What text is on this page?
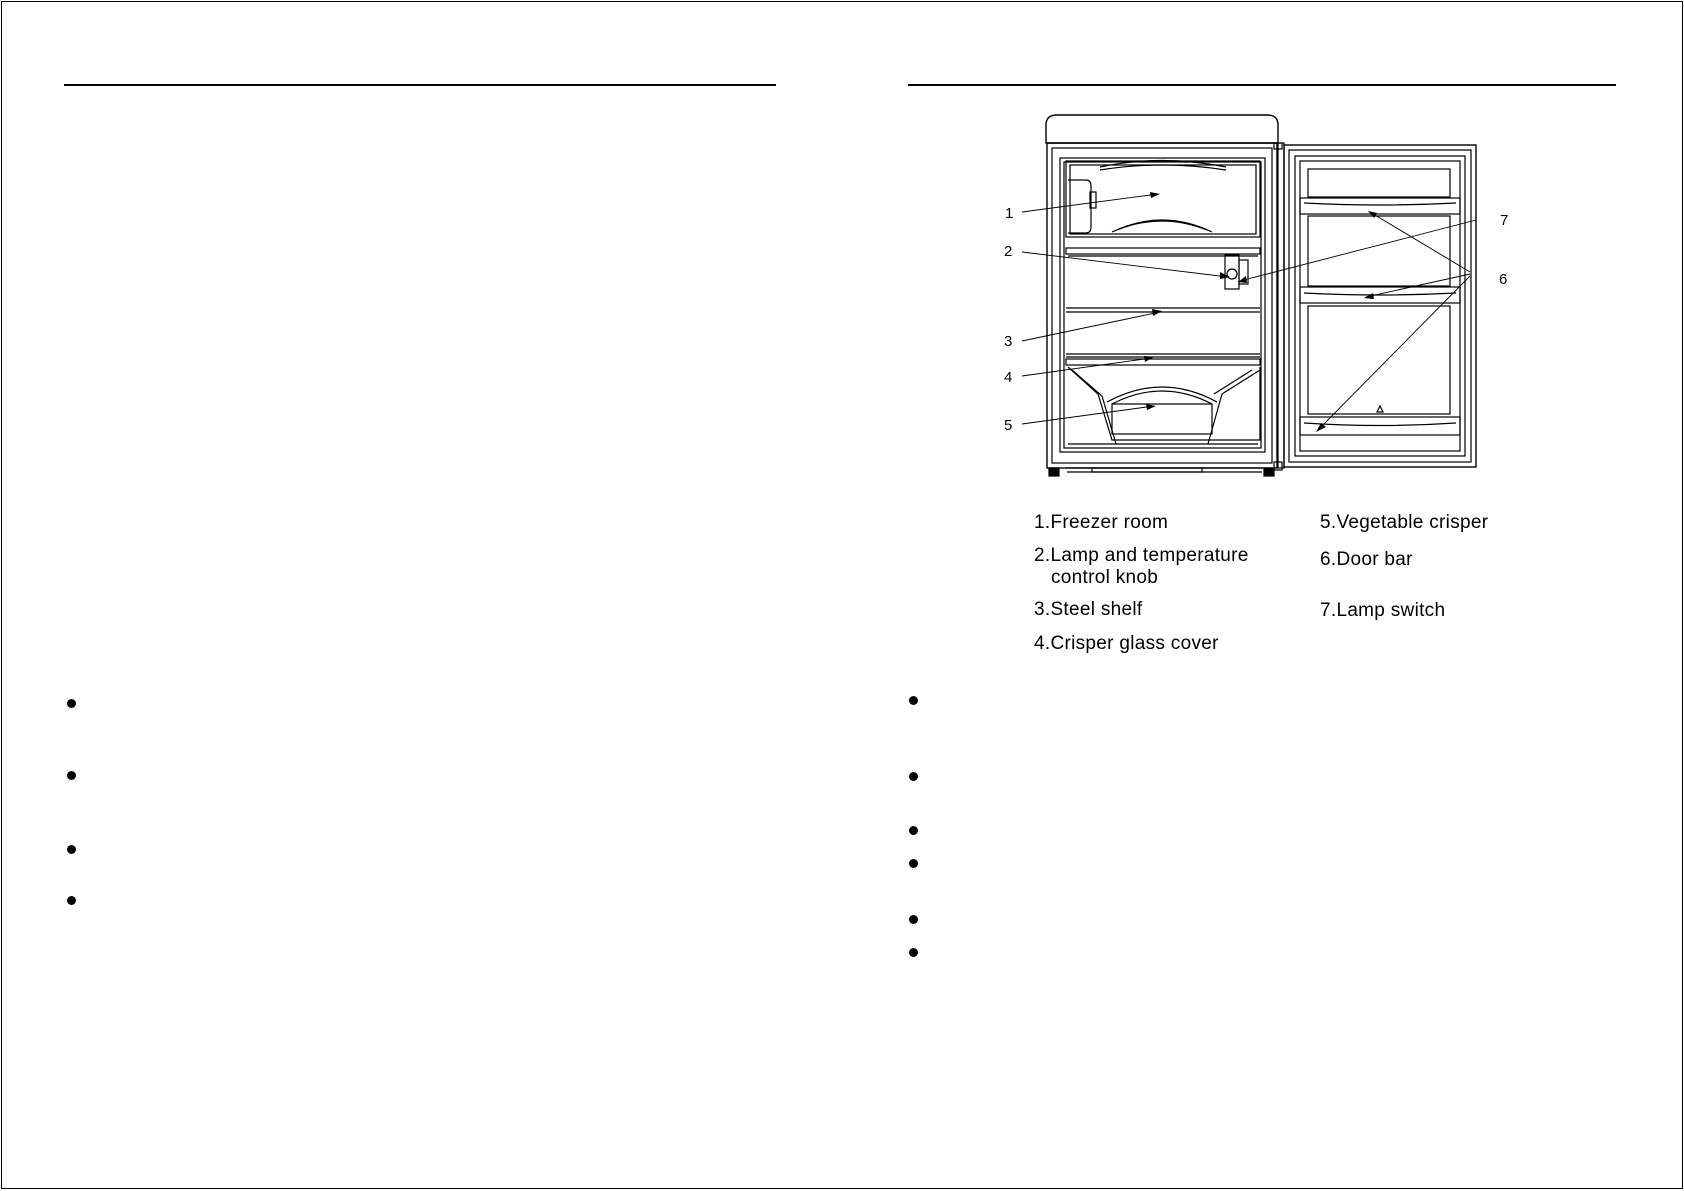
1
2
3
4
5
6
7
1.Freezer room
2.Lamp and temperature
control knob
3.Steel shelf
4.Crisper glass cover
5.Vegetable crisper
6.Door bar
7.Lamp switch
